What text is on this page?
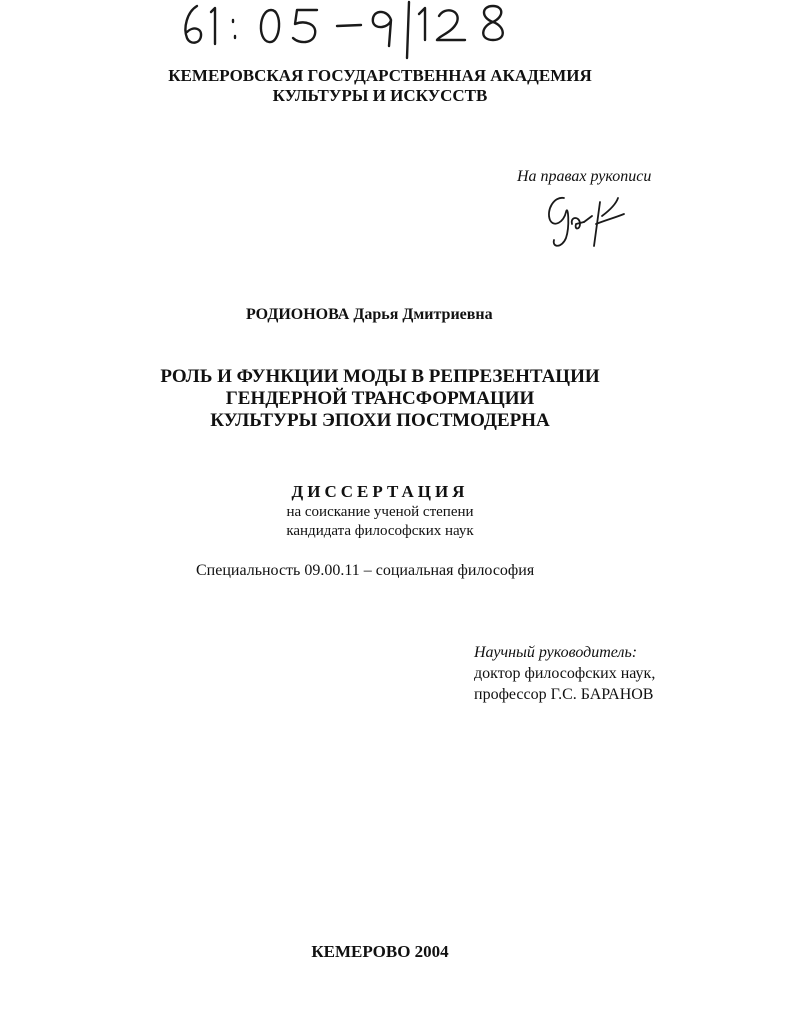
КЕМЕРОВСКАЯ ГОСУДАРСТВЕННАЯ АКАДЕМИЯ
КУЛЬТУРЫ И ИСКУССТВ
На правах рукописи
РОДИОНОВА Дарья Дмитриевна
РОЛЬ И ФУНКЦИИ МОДЫ В РЕПРЕЗЕНТАЦИИ
ГЕНДЕРНОЙ ТРАНСФОРМАЦИИ
КУЛЬТУРЫ ЭПОХИ ПОСТМОДЕРНА
ДИССЕРТАЦИЯ
на соискание ученой степени
кандидата философских наук
Специальность 09.00.11 – социальная философия
Научный руководитель:
доктор философских наук,
профессор Г.С. БАРАНОВ
КЕМЕРОВО 2004
